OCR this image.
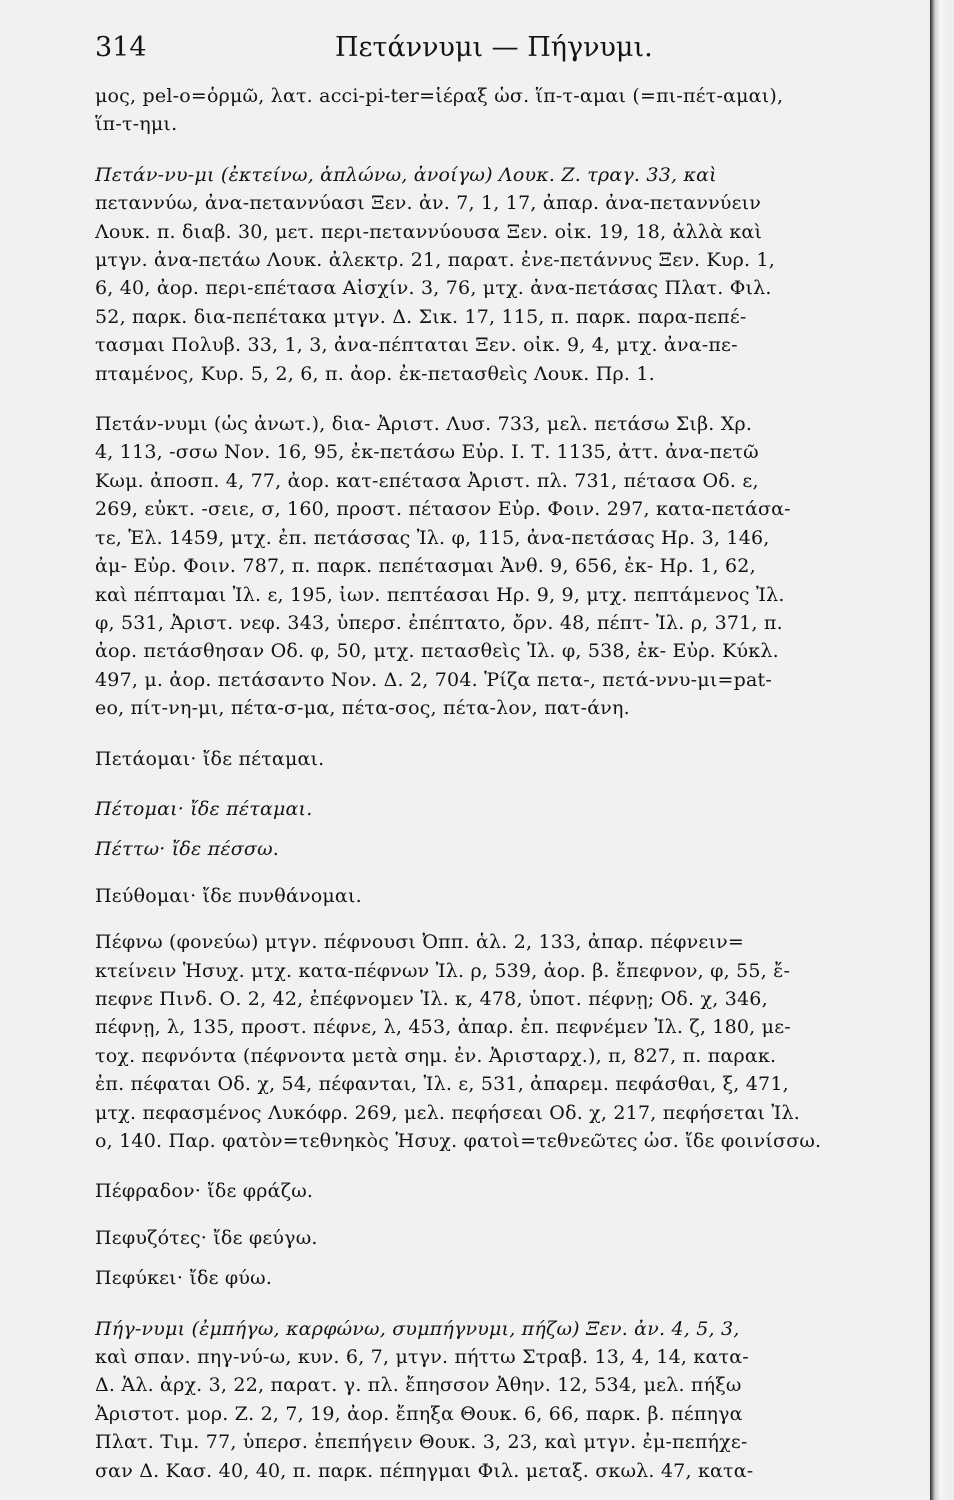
314	Πετάννυμι — Πήγνυμι.
μος, pel-o=ὁρμῶ, λατ. acci-pi-ter=ἱέραξ ὡσ. ἵπ-τ-αμαι (=πι-πέτ-αμαι),
ἵπ-τ-ημι.
Πετάν-νυ-μι (ἐκτείνω, ἁπλώνω, ἀνοίγω) Λουκ. Ζ. τραγ. 33, καὶ
πεταννύω, ἀνα-πεταννύασι Ξεν. ἀν. 7, 1, 17, ἀπαρ. ἀνα-πεταννύειν
Λουκ. π. διαβ. 30, μετ. περι-πεταννύουσα Ξεν. οἰκ. 19, 18, ἀλλὰ καὶ
μτγν. ἀνα-πετάω Λουκ. ἀλεκτρ. 21, παρατ. ἐνε-πετάννυς Ξεν. Κυρ. 1,
6, 40, ἀορ. περι-επέτασα Αἰσχίν. 3, 76, μτχ. ἀνα-πετάσας Πλατ. Φιλ.
52, παρκ. δια-πεπέτακα μτγν. Δ. Σικ. 17, 115, π. παρκ. παρα-πεπέ-
τασμαι Πολυβ. 33, 1, 3, ἀνα-πέπταται Ξεν. οἰκ. 9, 4, μτχ. ἀνα-πε-
πταμένος, Κυρ. 5, 2, 6, π. ἀορ. ἐκ-πετασθεὶς Λουκ. Πρ. 1.
Πετάν-νυμι (ὡς ἀνωτ.), δια- Ἀριστ. Λυσ. 733, μελ. πετάσω Σιβ. Χρ.
4, 113, -σσω Νον. 16, 95, ἐκ-πετάσω Εὐρ. Ι. Τ. 1135, ἀττ. ἀνα-πετῶ
Κωμ. ἀποσπ. 4, 77, ἀορ. κατ-επέτασα Ἀριστ. πλ. 731, πέτασα Οδ. ε,
269, εὐκτ. -σειε, σ, 160, προστ. πέτασον Εὐρ. Φοιν. 297, κατα-πετάσα-
τε, Ἑλ. 1459, μτχ. ἐπ. πετάσσας Ἰλ. φ, 115, ἀνα-πετάσας Ηρ. 3, 146,
ἀμ- Εὐρ. Φοιν. 787, π. παρκ. πεπέτασμαι Ἀνθ. 9, 656, ἐκ- Ηρ. 1, 62,
καὶ πέπταμαι Ἰλ. ε, 195, ἰων. πεπτέασαι Ηρ. 9, 9, μτχ. πεπτάμενος Ἰλ.
φ, 531, Ἀριστ. νεφ. 343, ὑπερσ. ἐπέπτατο, ὄρν. 48, πέπτ- Ἰλ. ρ, 371, π.
ἀορ. πετάσθησαν Οδ. φ, 50, μτχ. πετασθεὶς Ἰλ. φ, 538, ἐκ- Εὐρ. Κύκλ.
497, μ. ἀορ. πετάσαντο Νον. Δ. 2, 704. Ῥίζα πετα-, πετά-ννυ-μι=pat-
eo, πίτ-νη-μι, πέτα-σ-μα, πέτα-σος, πέτα-λον, πατ-άνη.
Πετάομαι· ἴδε πέταμαι.
Πέτομαι· ἴδε πέταμαι.
Πέττω· ἴδε πέσσω.
Πεύθομαι· ἴδε πυνθάνομαι.
Πέφνω (φονεύω) μτγν. πέφνουσι Ὀππ. ἁλ. 2, 133, ἀπαρ. πέφνειν=
κτείνειν Ἡσυχ. μτχ. κατα-πέφνων Ἰλ. ρ, 539, ἀορ. β. ἔπεφνον, φ, 55, ἔ-
πεφνε Πινδ. Ο. 2, 42, ἐπέφνομεν Ἰλ. κ, 478, ὑποτ. πέφνῃ; Οδ. χ, 346,
πέφνῃ, λ, 135, προστ. πέφνε, λ, 453, ἀπαρ. ἐπ. πεφνέμεν Ἰλ. ζ, 180, με-
τοχ. πεφνόντα (πέφνοντα μετὰ σημ. ἐν. Ἀρισταρχ.), π, 827, π. παρακ.
ἐπ. πέφαται Οδ. χ, 54, πέφανται, Ἰλ. ε, 531, ἀπαρεμ. πεφάσθαι, ξ, 471,
μτχ. πεφασμένος Λυκόφρ. 269, μελ. πεφήσεαι Οδ. χ, 217, πεφήσεται Ἰλ.
ο, 140. Παρ. φατὸν=τεθνηκὸς Ἡσυχ. φατοὶ=τεθνεῶτες ὡσ. ἴδε φοινίσσω.
Πέφραδον· ἴδε φράζω.
Πεφυζότες· ἴδε φεύγω.
Πεφύκει· ἴδε φύω.
Πήγ-νυμι (ἐμπήγω, καρφώνω, συμπήγνυμι, πήζω) Ξεν. ἀν. 4, 5, 3,
καὶ σπαν. πηγ-νύ-ω, κυν. 6, 7, μτγν. πήττω Στραβ. 13, 4, 14, κατα-
Δ. Ἁλ. ἀρχ. 3, 22, παρατ. γ. πλ. ἔπησσον Ἀθην. 12, 534, μελ. πήξω
Ἀριστοτ. μορ. Ζ. 2, 7, 19, ἀορ. ἔπηξα Θουκ. 6, 66, παρκ. β. πέπηγα
Πλατ. Τιμ. 77, ὑπερσ. ἐπεπήγειν Θουκ. 3, 23, καὶ μτγν. ἐμ-πεπήχε-
σαν Δ. Κασ. 40, 40, π. παρκ. πέπηγμαι Φιλ. μεταξ. σκωλ. 47, κατα-
